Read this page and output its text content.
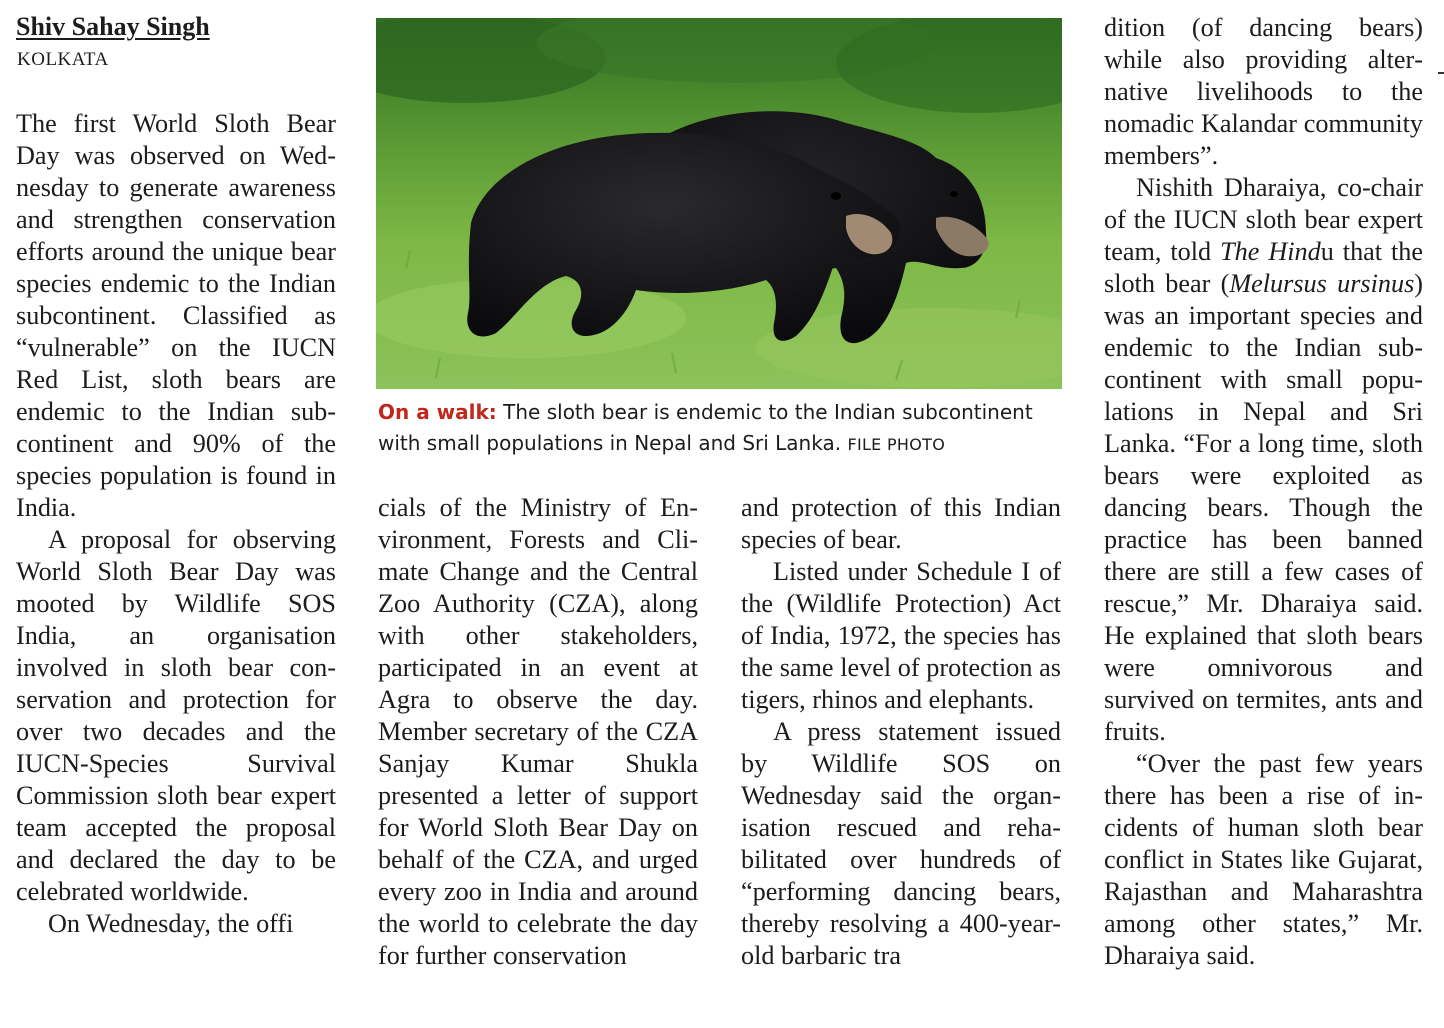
Shiv Sahay Singh
KOLKATA

The first World Sloth Bear Day was observed on Wednesday to generate awareness and strengthen conservation efforts around the unique bear species endemic to the Indian subcontinent. Classified as “vulnerable” on the IUCN Red List, sloth bears are endemic to the Indian subcontinent and 90% of the species population is found in India.

A proposal for observing World Sloth Bear Day was mooted by Wildlife SOS India, an organisation involved in sloth bear conservation and protection for over two decades and the IUCN-Species Survival Commission sloth bear expert team accepted the proposal and declared the day to be celebrated worldwide.

On Wednesday, the offi

On a walk: The sloth bear is endemic to the Indian subcontinent with small populations in Nepal and Sri Lanka. FILE PHOTO

cials of the Ministry of Environment, Forests and Climate Change and the Central Zoo Authority (CZA), along with other stakeholders, participated in an event at Agra to observe the day. Member secretary of the CZA Sanjay Kumar Shukla presented a letter of support for World Sloth Bear Day on behalf of the CZA, and urged every zoo in India and around the world to celebrate the day for further conservation

and protection of this Indian species of bear.

Listed under Schedule I of the (Wildlife Protection) Act of India, 1972, the species has the same level of protection as tigers, rhinos and elephants.

A press statement issued by Wildlife SOS on Wednesday said the organisation rescued and rehabilitated over hundreds of “performing dancing bears, thereby resolving a 400-year-old barbaric tra

dition (of dancing bears) while also providing alternative livelihoods to the nomadic Kalandar community members”.

Nishith Dharaiya, co-chair of the IUCN sloth bear expert team, told The Hindu that the sloth bear (Melursus ursinus) was an important species and endemic to the Indian subcontinent with small populations in Nepal and Sri Lanka. “For a long time, sloth bears were exploited as dancing bears. Though the practice has been banned there are still a few cases of rescue,” Mr. Dharaiya said. He explained that sloth bears were omnivorous and survived on termites, ants and fruits.

“Over the past few years there has been a rise of incidents of human sloth bear conflict in States like Gujarat, Rajasthan and Maharashtra among other states,” Mr. Dharaiya said.
